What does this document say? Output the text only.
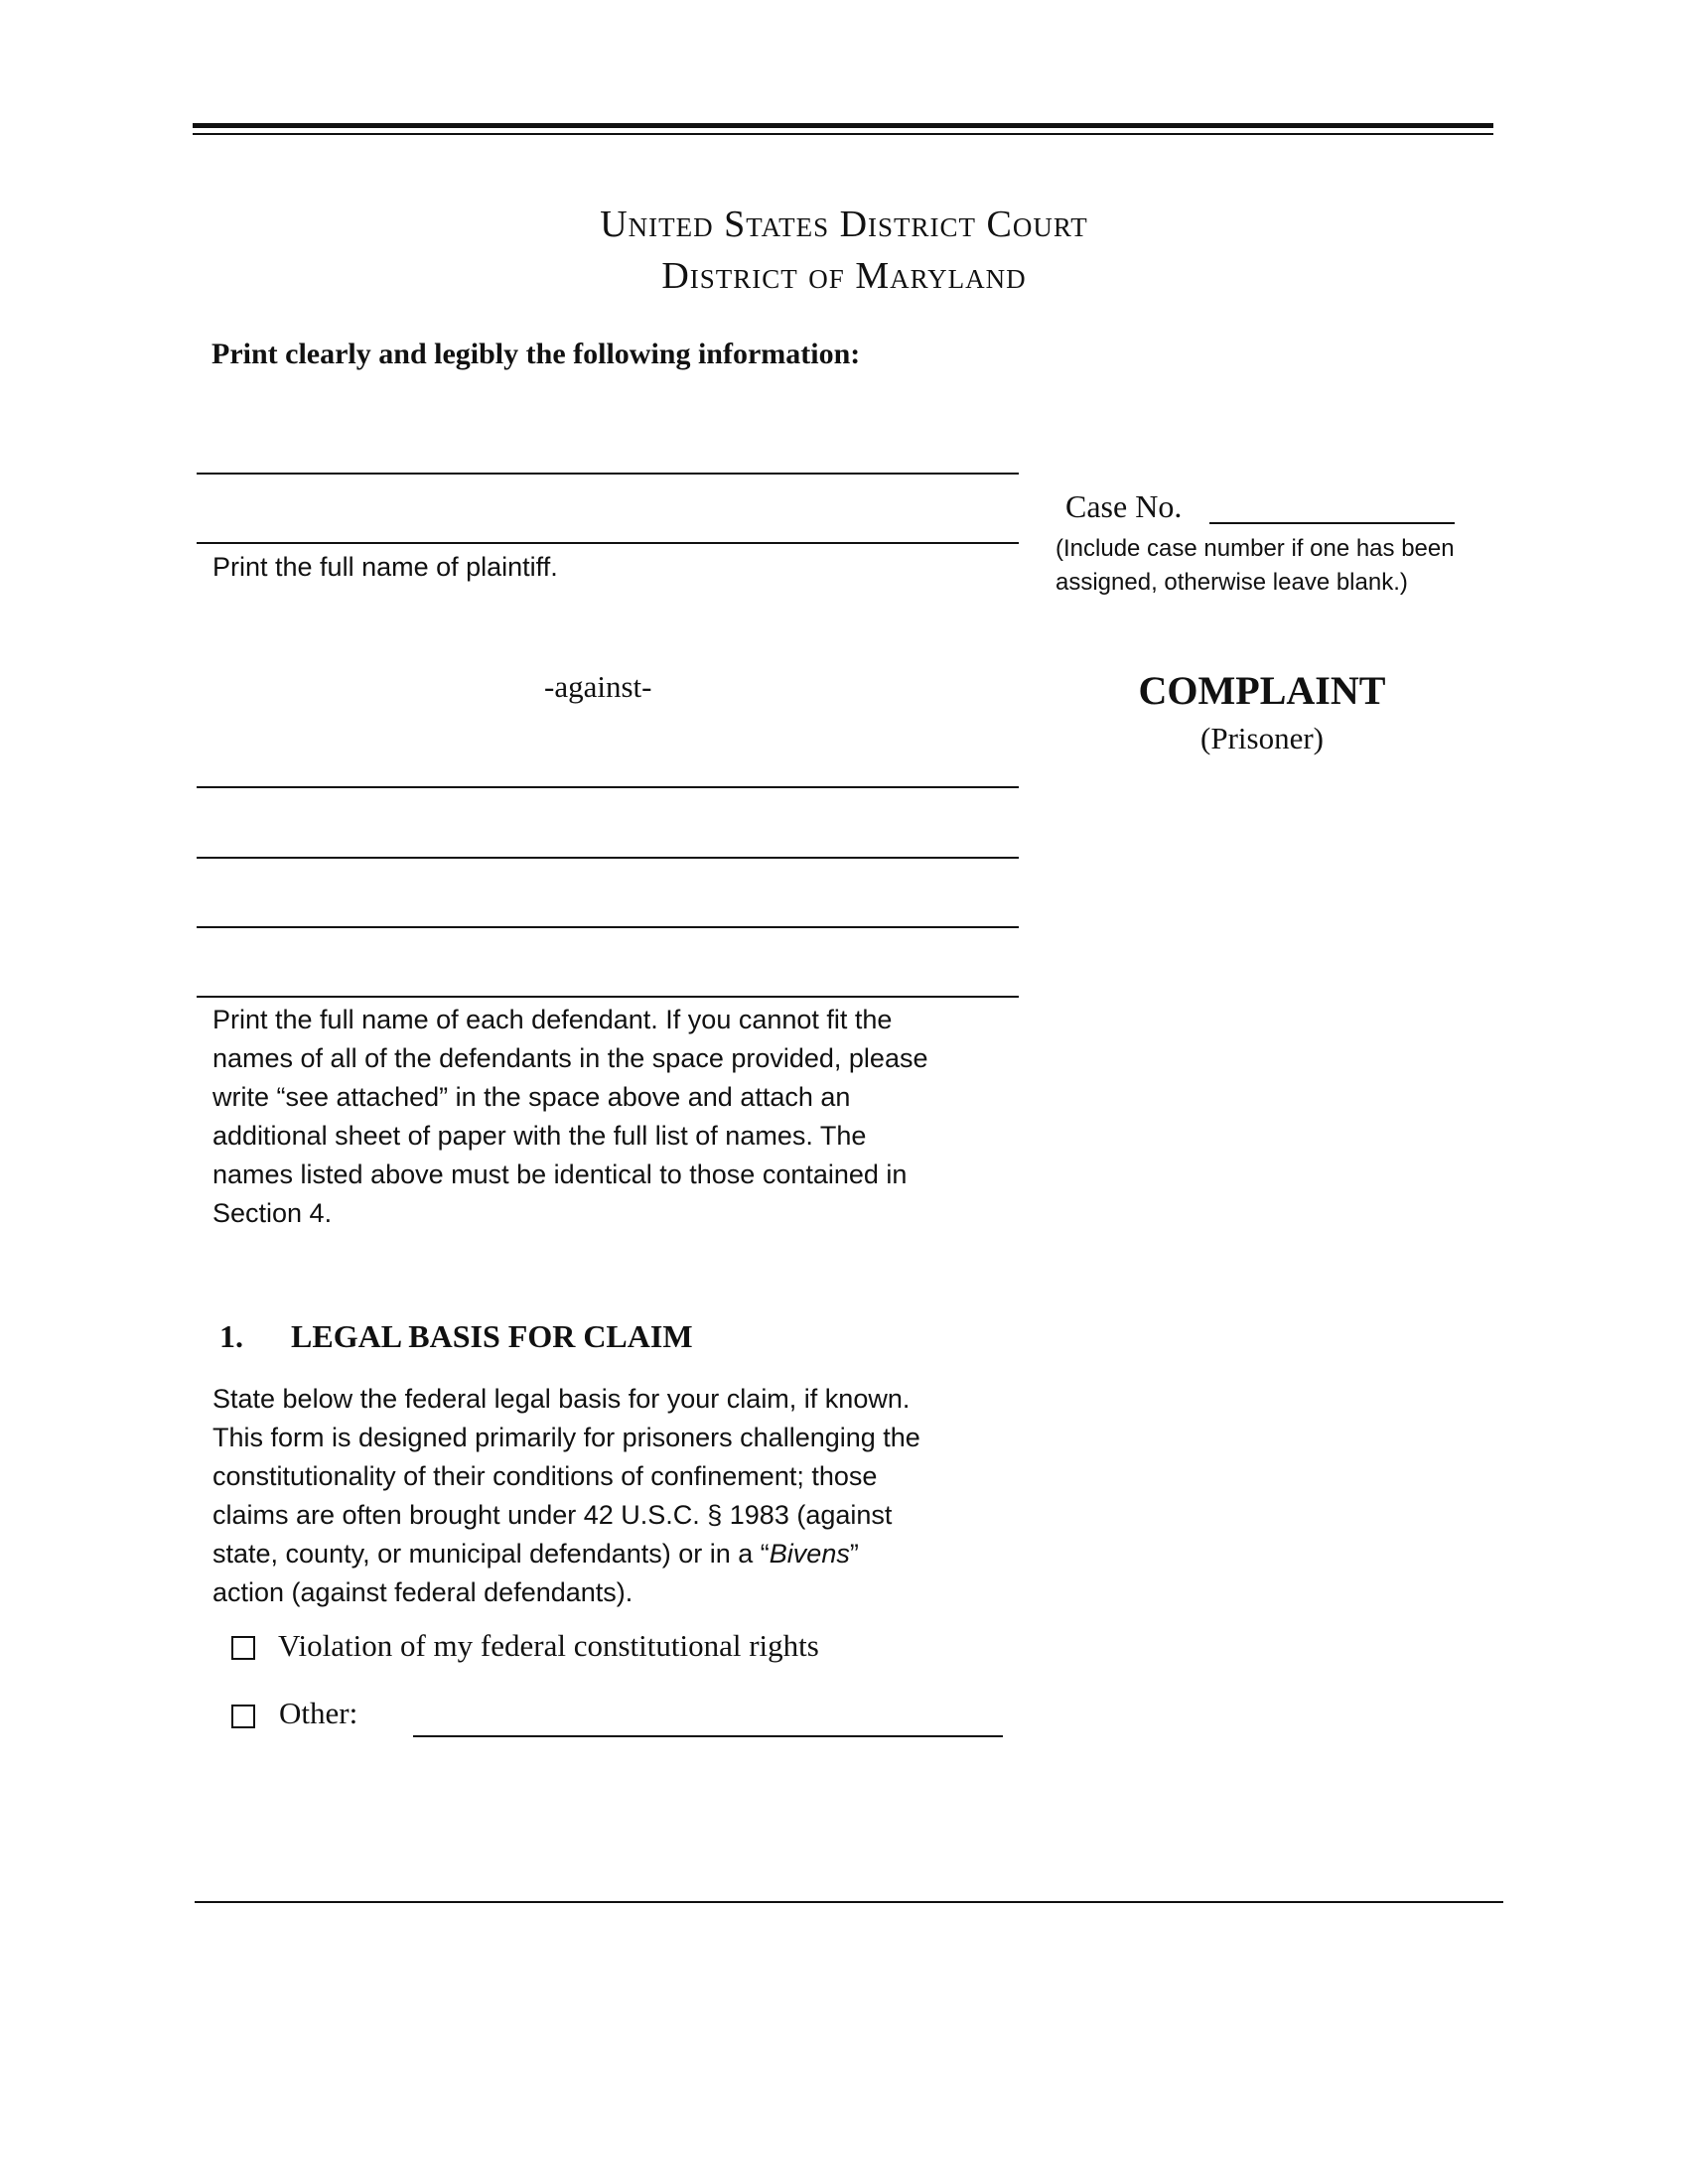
United States District Court
District of Maryland
Print clearly and legibly the following information:
Print the full name of plaintiff.
Case No.
(Include case number if one has been
assigned, otherwise leave blank.)
-against-	COMPLAINT
(Prisoner)
Print the full name of each defendant. If you cannot fit the
names of all of the defendants in the space provided, please
write “see attached” in the space above and attach an
additional sheet of paper with the full list of names. The
names listed above must be identical to those contained in
Section 4.
1. LEGAL BASIS FOR CLAIM
State below the federal legal basis for your claim, if known.
This form is designed primarily for prisoners challenging the
constitutionality of their conditions of confinement; those
claims are often brought under 42 U.S.C. § 1983 (against
state, county, or municipal defendants) or in a “Bivens”
action (against federal defendants).
Violation of my federal constitutional rights
Other:
